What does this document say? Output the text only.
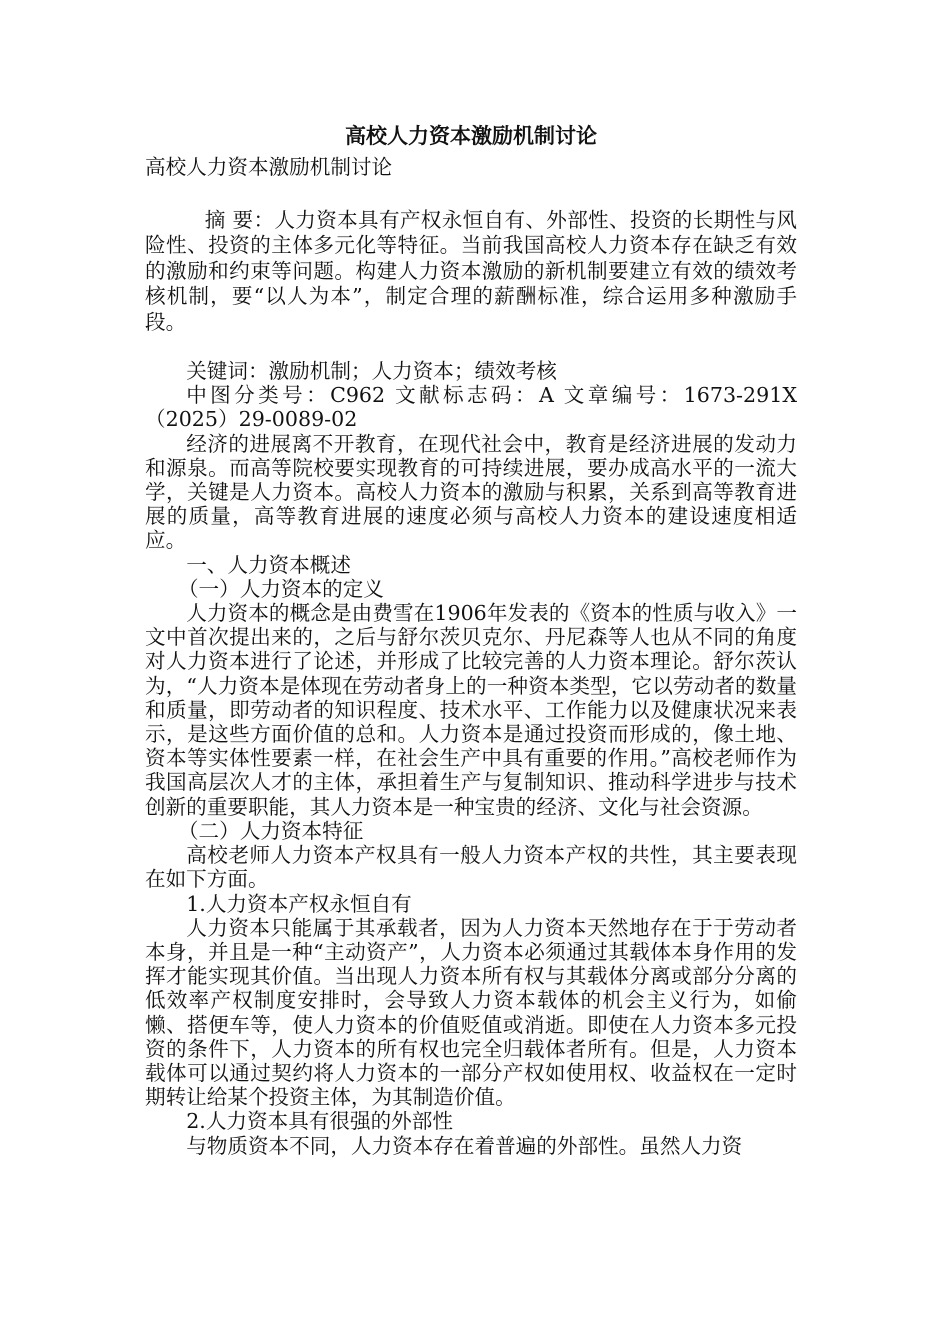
高校人力资本激励机制讨论

高校人力资本激励机制讨论

摘 要：人力资本具有产权永恒自有、外部性、投资的长期性与风险性、投资的主体多元化等特征。当前我国高校人力资本存在缺乏有效的激励和约束等问题。构建人力资本激励的新机制要建立有效的绩效考核机制，要“以人为本”，制定合理的薪酬标准，综合运用多种激励手段。

关键词：激励机制；人力资本；绩效考核

中图分类号：C962 文献标志码：A 文章编号：1673-291X（2025）29-0089-02

经济的进展离不开教育，在现代社会中，教育是经济进展的发动力和源泉。而高等院校要实现教育的可持续进展，要办成高水平的一流大学，关键是人力资本。高校人力资本的激励与积累，关系到高等教育进展的质量，高等教育进展的速度必须与高校人力资本的建设速度相适应。

一、人力资本概述

（一）人力资本的定义

人力资本的概念是由费雪在1906年发表的《资本的性质与收入》一文中首次提出来的，之后与舒尔茨贝克尔、丹尼森等人也从不同的角度对人力资本进行了论述，并形成了比较完善的人力资本理论。舒尔茨认为，“人力资本是体现在劳动者身上的一种资本类型，它以劳动者的数量和质量，即劳动者的知识程度、技术水平、工作能力以及健康状况来表示，是这些方面价值的总和。人力资本是通过投资而形成的，像土地、资本等实体性要素一样，在社会生产中具有重要的作用。”高校老师作为我国高层次人才的主体，承担着生产与复制知识、推动科学进步与技术创新的重要职能，其人力资本是一种宝贵的经济、文化与社会资源。

（二）人力资本特征

高校老师人力资本产权具有一般人力资本产权的共性，其主要表现在如下方面。

1.人力资本产权永恒自有

人力资本只能属于其承载者，因为人力资本天然地存在于于劳动者本身，并且是一种“主动资产”，人力资本必须通过其载体本身作用的发挥才能实现其价值。当出现人力资本所有权与其载体分离或部分分离的低效率产权制度安排时，会导致人力资本载体的机会主义行为，如偷懒、搭便车等，使人力资本的价值贬值或消逝。即使在人力资本多元投资的条件下，人力资本的所有权也完全归载体者所有。但是，人力资本载体可以通过契约将人力资本的一部分产权如使用权、收益权在一定时期转让给某个投资主体，为其制造价值。

2.人力资本具有很强的外部性

与物质资本不同，人力资本存在着普遍的外部性。虽然人力资
